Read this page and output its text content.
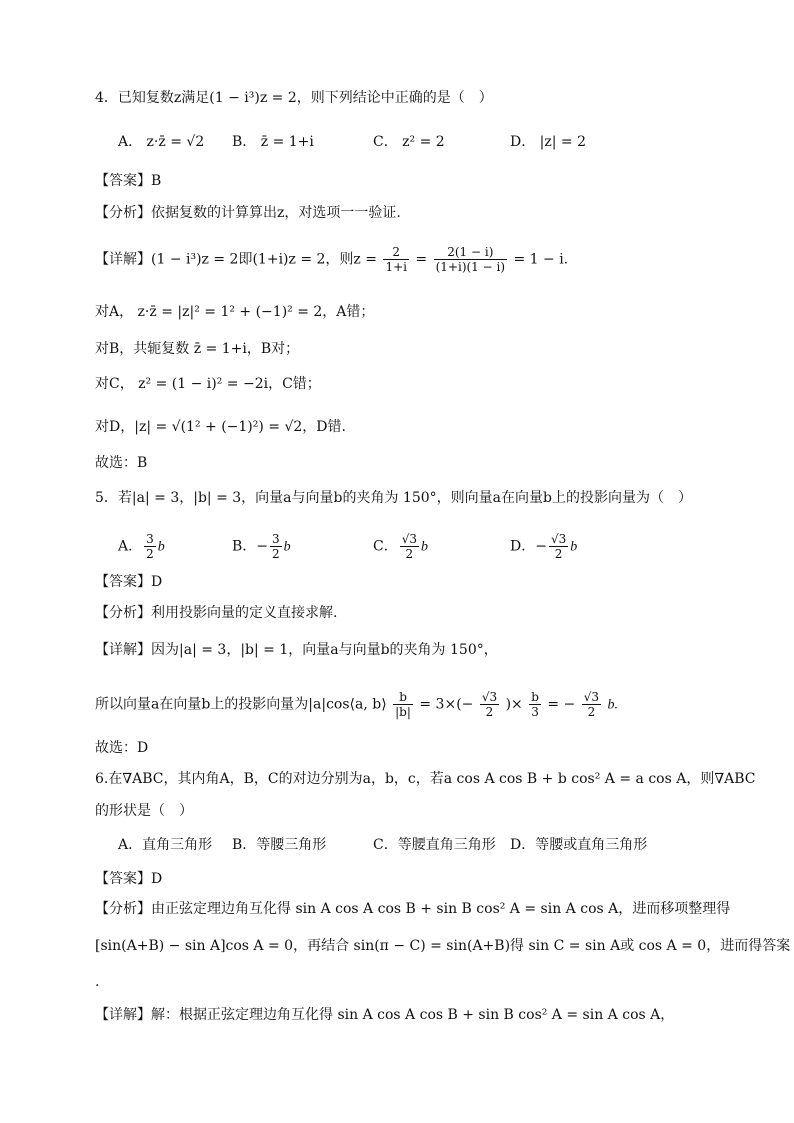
4．已知复数z满足(1 − i³)z = 2，则下列结论中正确的是（　）
A． z·z̄ = √2 B． z̄ = 1+i	C． z² = 2	D． |z| = 2
【答案】B
【分析】依据复数的计算算出z，对选项一一验证.
【详解】(1 − i³)z = 2即(1+i)z = 2，则$z = \frac{2}{1+i} = \frac{2(1 - i)}{(1+i)(1 - i)} = 1 - i$.
对A， z·z̄ = |z|² = 1² + (−1)² = 2，A错；
对B，共轭复数 z̄ = 1+i，B对；
对C， z² = (1 − i)² = −2i，C错；
对D，|z| = √(1² + (−1)²) = √2，D错.
故选：B
5．若|a| = 3，|b| = 3，向量a与向量b的夹角为 150°，则向量a在向量b上的投影向量为（　）
A． $\frac{3}{2}$ b	B．− $\frac{3}{2}$ b	C． $\frac{√3}{2}$ b	D．− $\frac{√3}{2}$ b
【答案】D
【分析】利用投影向量的定义直接求解.
【详解】因为|a| = 3，|b| = 1，向量a与向量b的夹角为 150°，
所以向量a在向量b上的投影向量为|a|cos⟨a, b⟩ $\frac{b}{|b|} = 3\times(- \frac{√3}{2}$ )× $\frac{b}{3}$ = − $\frac{√3}{2} b$.
故选：D
6.在∇ABC，其内角A，B，C的对边分别为a，b，c，若a cos A cos B + b cos² A = a cos A，则∇ABC
的形状是（　）
A．直角三角形 B．等腰三角形	C．等腰直角三角形 D．等腰或直角三角形
【答案】D
【分析】由正弦定理边角互化得 sin A cos A cos B + sin B cos² A = sin A cos A，进而移项整理得
[sin(A+B) − sin A]cos A = 0，再结合 sin(π − C) = sin(A+B)得 sin C = sin A或 cos A = 0，进而得答案
.
【详解】解：根据正弦定理边角互化得 sin A cos A cos B + sin B cos² A = sin A cos A，
